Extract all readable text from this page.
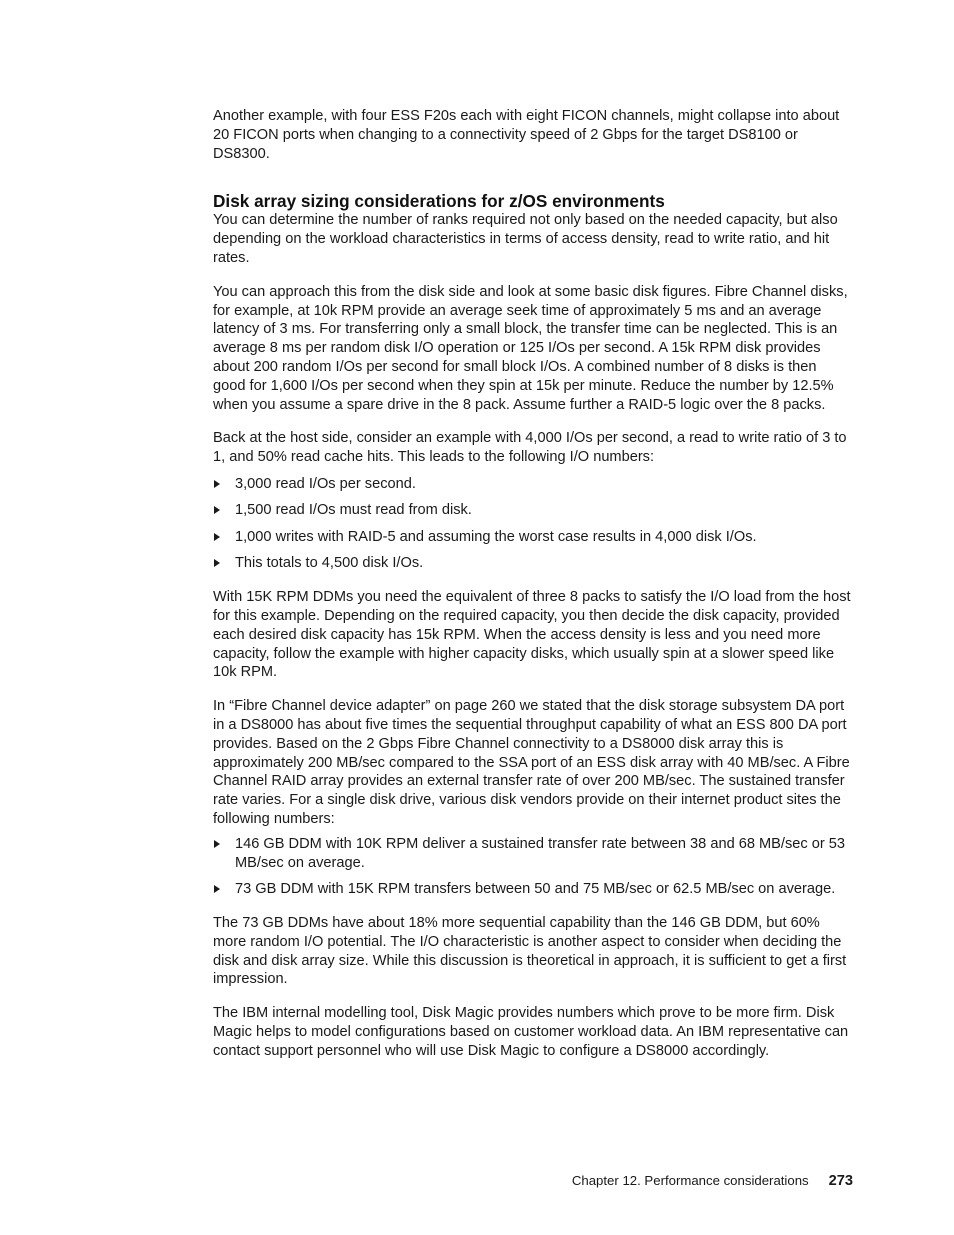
Another example, with four ESS F20s each with eight FICON channels, might collapse into about 20 FICON ports when changing to a connectivity speed of 2 Gbps for the target DS8100 or DS8300.

Disk array sizing considerations for z/OS environments

You can determine the number of ranks required not only based on the needed capacity, but also depending on the workload characteristics in terms of access density, read to write ratio, and hit rates.

You can approach this from the disk side and look at some basic disk figures. Fibre Channel disks, for example, at 10k RPM provide an average seek time of approximately 5 ms and an average latency of 3 ms. For transferring only a small block, the transfer time can be neglected. This is an average 8 ms per random disk I/O operation or 125 I/Os per second. A 15k RPM disk provides about 200 random I/Os per second for small block I/Os. A combined number of 8 disks is then good for 1,600 I/Os per second when they spin at 15k per minute. Reduce the number by 12.5% when you assume a spare drive in the 8 pack. Assume further a RAID-5 logic over the 8 packs.

Back at the host side, consider an example with 4,000 I/Os per second, a read to write ratio of 3 to 1, and 50% read cache hits. This leads to the following I/O numbers:

3,000 read I/Os per second.
1,500 read I/Os must read from disk.
1,000 writes with RAID-5 and assuming the worst case results in 4,000 disk I/Os.
This totals to 4,500 disk I/Os.

With 15K RPM DDMs you need the equivalent of three 8 packs to satisfy the I/O load from the host for this example. Depending on the required capacity, you then decide the disk capacity, provided each desired disk capacity has 15k RPM. When the access density is less and you need more capacity, follow the example with higher capacity disks, which usually spin at a slower speed like 10k RPM.

In “Fibre Channel device adapter” on page 260 we stated that the disk storage subsystem DA port in a DS8000 has about five times the sequential throughput capability of what an ESS 800 DA port provides. Based on the 2 Gbps Fibre Channel connectivity to a DS8000 disk array this is approximately 200 MB/sec compared to the SSA port of an ESS disk array with 40 MB/sec. A Fibre Channel RAID array provides an external transfer rate of over 200 MB/sec. The sustained transfer rate varies. For a single disk drive, various disk vendors provide on their internet product sites the following numbers:

146 GB DDM with 10K RPM deliver a sustained transfer rate between 38 and 68 MB/sec or 53 MB/sec on average.
73 GB DDM with 15K RPM transfers between 50 and 75 MB/sec or 62.5 MB/sec on average.

The 73 GB DDMs have about 18% more sequential capability than the 146 GB DDM, but 60% more random I/O potential. The I/O characteristic is another aspect to consider when deciding the disk and disk array size. While this discussion is theoretical in approach, it is sufficient to get a first impression.

The IBM internal modelling tool, Disk Magic provides numbers which prove to be more firm. Disk Magic helps to model configurations based on customer workload data. An IBM representative can contact support personnel who will use Disk Magic to configure a DS8000 accordingly.

Chapter 12. Performance considerations 273
